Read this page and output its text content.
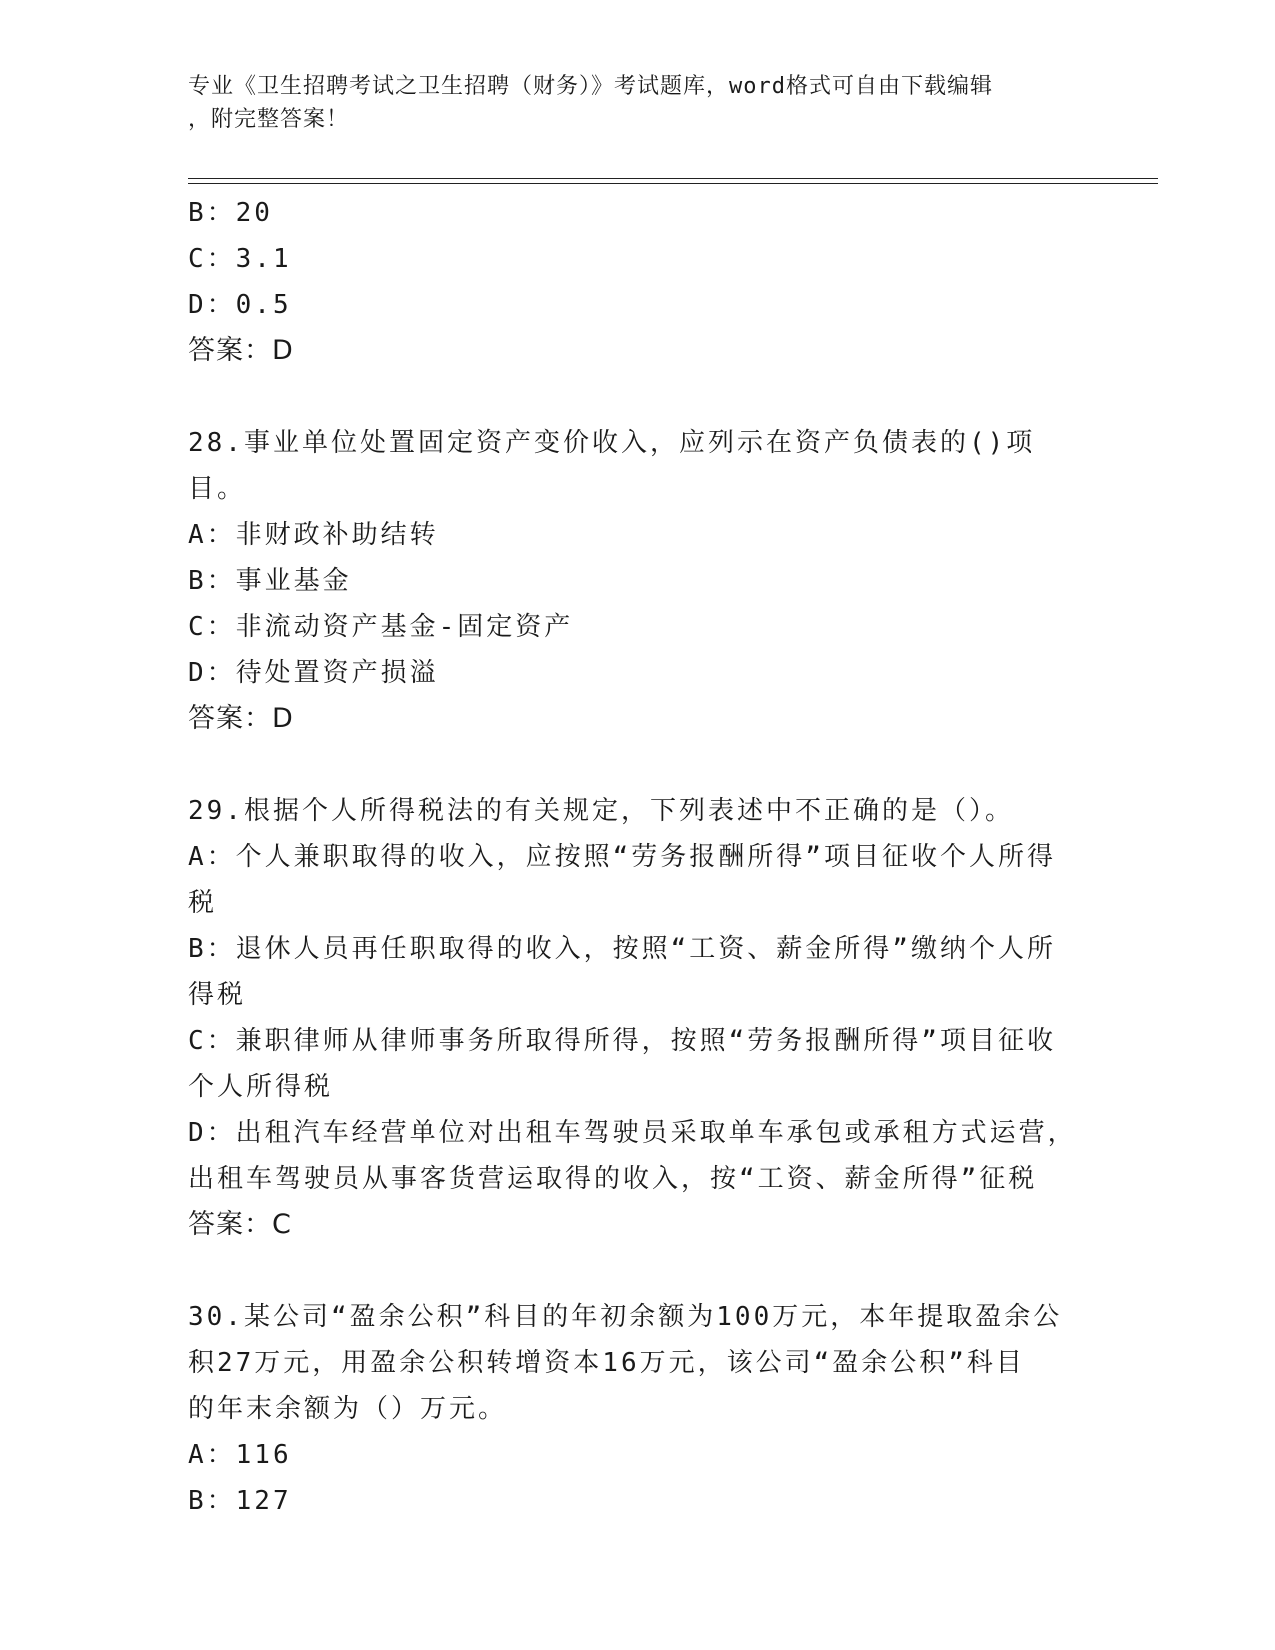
专业《卫生招聘考试之卫生招聘（财务）》考试题库，word格式可自由下载编辑
，附完整答案！
B：20
C：3.1
D：0.5
答案：D
28.事业单位处置固定资产变价收入，应列示在资产负债表的()项目。
A：非财政补助结转
B：事业基金
C：非流动资产基金-固定资产
D：待处置资产损溢
答案：D
29.根据个人所得税法的有关规定，下列表述中不正确的是（）。
A：个人兼职取得的收入，应按照“劳务报酬所得”项目征收个人所得
税
B：退休人员再任职取得的收入，按照“工资、薪金所得”缴纳个人所
得税
C：兼职律师从律师事务所取得所得，按照“劳务报酬所得”项目征收
个人所得税
D：出租汽车经营单位对出租车驾驶员采取单车承包或承租方式运营，
出租车驾驶员从事客货营运取得的收入，按“工资、薪金所得”征税
答案：C
30.某公司“盈余公积”科目的年初余额为100万元，本年提取盈余公
积27万元，用盈余公积转增资本16万元，该公司“盈余公积”科目
的年末余额为（）万元。
A：116
B：127
